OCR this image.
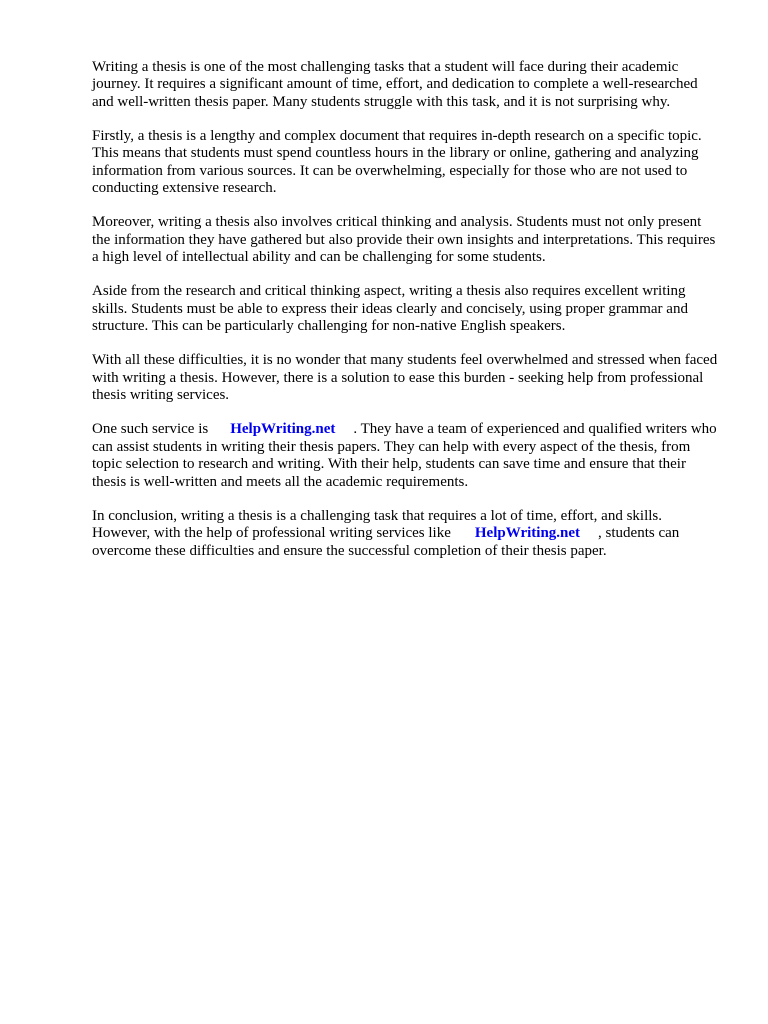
Writing a thesis is one of the most challenging tasks that a student will face during their academic journey. It requires a significant amount of time, effort, and dedication to complete a well-researched and well-written thesis paper. Many students struggle with this task, and it is not surprising why.

Firstly, a thesis is a lengthy and complex document that requires in-depth research on a specific topic. This means that students must spend countless hours in the library or online, gathering and analyzing information from various sources. It can be overwhelming, especially for those who are not used to conducting extensive research.

Moreover, writing a thesis also involves critical thinking and analysis. Students must not only present the information they have gathered but also provide their own insights and interpretations. This requires a high level of intellectual ability and can be challenging for some students.

Aside from the research and critical thinking aspect, writing a thesis also requires excellent writing skills. Students must be able to express their ideas clearly and concisely, using proper grammar and structure. This can be particularly challenging for non-native English speakers.

With all these difficulties, it is no wonder that many students feel overwhelmed and stressed when faced with writing a thesis. However, there is a solution to ease this burden - seeking help from professional thesis writing services.

One such service is HelpWriting.net . They have a team of experienced and qualified writers who can assist students in writing their thesis papers. They can help with every aspect of the thesis, from topic selection to research and writing. With their help, students can save time and ensure that their thesis is well-written and meets all the academic requirements.

In conclusion, writing a thesis is a challenging task that requires a lot of time, effort, and skills. However, with the help of professional writing services like HelpWriting.net , students can overcome these difficulties and ensure the successful completion of their thesis paper.
